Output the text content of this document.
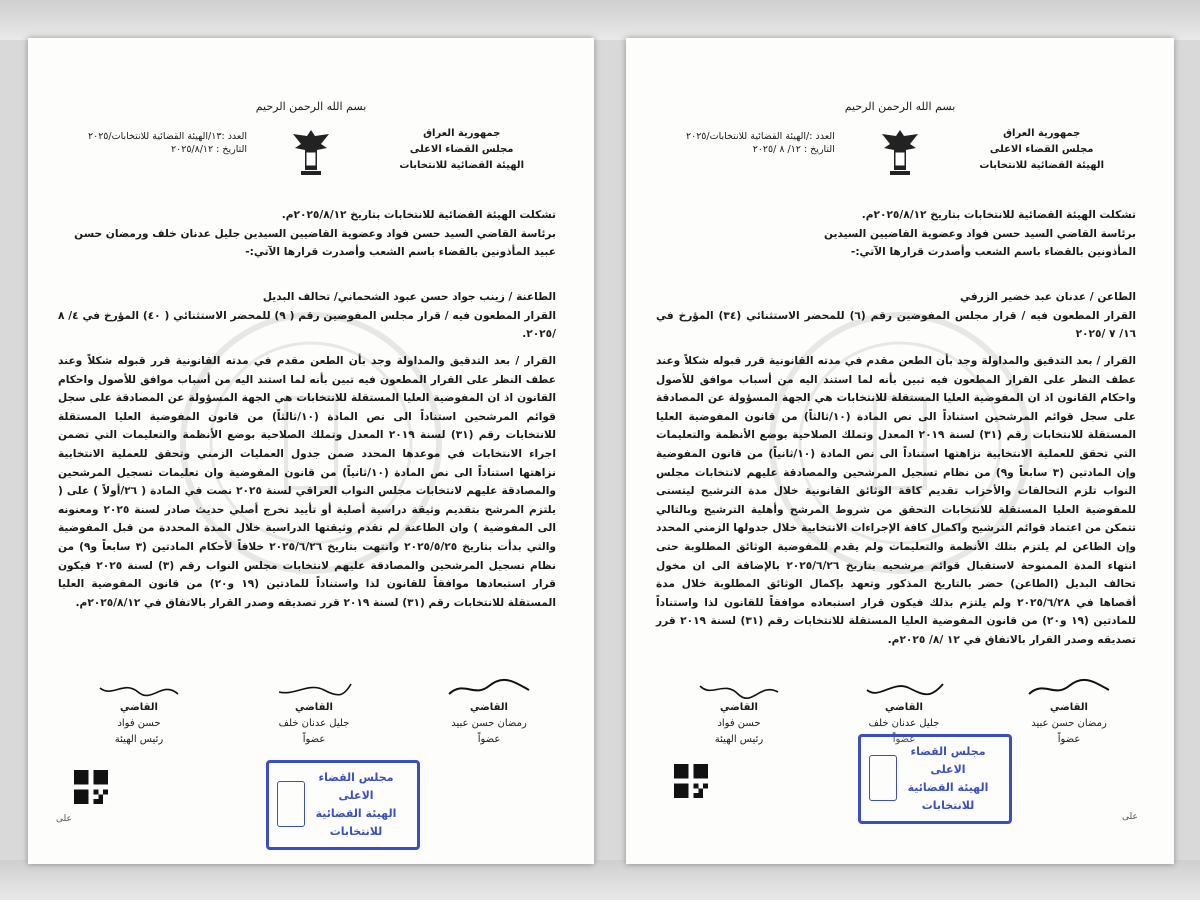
بسم الله الرحمن الرحيم
جمهورية العراق
مجلس القضاء الاعلى
الهيئة القضائية للانتخابات
العدد :١٣/الهيئة القضائية للانتخابات/٢٠٢٥
التاريخ : ٢٠٢٥/٨/١٢

تشكلت الهيئة القضائية للانتخابات بتاريخ ٢٠٢٥/٨/١٢م.

برئاسة القاضي السيد حسن فواد وعضوية القاضيين السيدين جليل عدنان خلف ورمضان حسن

عبيد المأذونين بالقضاء باسم الشعب وأصدرت قرارها الآتي:-

الطاعنة / زينب جواد حسن عبود الشحماني/ تحالف البديل

القرار المطعون فيه / قرار مجلس المفوضين رقم ( ٩) للمحضر الاستثنائي ( ٤٠) المؤرخ في ٤/ ٨ /٢٠٢٥.

القرار / بعد التدقيق والمداولة وجد بأن الطعن مقدم في مدته القانونية قرر قبوله شكلاً وعند عطف النظر على القرار المطعون فيه تبين بأنه لما استند اليه من أسباب موافق للأصول واحكام القانون اذ ان المفوضية العليا المستقلة للانتخابات هي الجهة المسؤولة عن المصادقة على سجل قوائم المرشحين استناداً الى نص المادة (١٠/ثالثاً) من قانون المفوضية العليا المستقلة للانتخابات رقم (٣١) لسنة ٢٠١٩ المعدل وتملك الصلاحية بوضع الأنظمة والتعليمات التي تضمن اجراء الانتخابات في موعدها المحدد ضمن جدول العمليات الزمني وتحقق للعملية الانتخابية نزاهتها استناداً الى نص المادة (١٠/ثانياً) من قانون المفوضية وان تعليمات تسجيل المرشحين والمصادقة عليهم لانتخابات مجلس النواب العراقي لسنة ٢٠٢٥ نصت في المادة ( ٢٦/أولاً ) على ( يلتزم المرشح بتقديم وثيقة دراسية أصلية أو تأييد تخرج أصلي حديث صادر لسنة ٢٠٢٥ ومعنونه الى المفوضية ) وان الطاعنة لم تقدم وثيقتها الدراسية خلال المدة المحددة من قبل المفوضية والتي بدأت بتاريخ ٢٠٢٥/٥/٢٥ وانتهت بتاريخ ٢٠٢٥/٦/٢٦ خلافاً لأحكام المادتين (٣ سابعاً و٩) من نظام تسجيل المرشحين والمصادقة عليهم لانتخابات مجلس النواب رقم (٣) لسنة ٢٠٢٥ فيكون قرار استبعادها موافقاً للقانون لذا واستناداً للمادتين (١٩ و٢٠) من قانون المفوضية العليا المستقلة للانتخابات رقم (٣١) لسنة ٢٠١٩ قرر تصديقه وصدر القرار بالاتفاق في ٢٠٢٥/٨/١٢م.

القاضي
رمضان حسن عبيد
عضواً
القاضي
جليل عدنان خلف
عضواً
القاضي
حسن فواد
رئيس الهيئة
مجلس القضاء الاعلى
الهيئة القضائية
للانتخابات
على
بسم الله الرحمن الرحيم
جمهورية العراق
مجلس القضاء الاعلى
الهيئة القضائية للانتخابات
العدد :/الهيئة القضائية للانتخابات/٢٠٢٥
التاريخ : ١٢/ ٨ /٢٠٢٥

تشكلت الهيئة القضائية للانتخابات بتاريخ ٢٠٢٥/٨/١٢م.

برئاسة القاضي السيد حسن فواد وعضوية القاضيين السيدين

المأذونين بالقضاء باسم الشعب وأصدرت قرارها الآتي:-

الطاعن / عدنان عبد خضير الزرفي

القرار المطعون فيه / قرار مجلس المفوضين رقم (٦) للمحضر الاستثنائي (٣٤) المؤرخ في ١٦/ ٧ /٢٠٢٥

القرار / بعد التدقيق والمداولة وجد بأن الطعن مقدم في مدته القانونية قرر قبوله شكلاً وعند عطف النظر على القرار المطعون فيه تبين بأنه لما استند اليه من أسباب موافق للأصول واحكام القانون اذ ان المفوضية العليا المستقلة للانتخابات هي الجهة المسؤولة عن المصادقة على سجل قوائم المرشحين استناداً الى نص المادة (١٠/ثالثاً) من قانون المفوضية العليا المستقلة للانتخابات رقم (٣١) لسنة ٢٠١٩ المعدل وتملك الصلاحية بوضع الأنظمة والتعليمات التي تحقق للعملية الانتخابية نزاهتها استناداً الى نص المادة (١٠/ثانياً) من قانون المفوضية وإن المادتين (٣ سابعاً و٩) من نظام تسجيل المرشحين والمصادقة عليهم لانتخابات مجلس النواب تلزم التحالفات والأحزاب تقديم كافة الوثائق القانونية خلال مدة الترشيح ليتسنى للمفوضية العليا المستقلة للانتخابات التحقق من شروط المرشح وأهلية الترشيح وبالتالي تتمكن من اعتماد قوائم الترشيح واكمال كافة الإجراءات الانتخابية خلال جدولها الزمني المحدد وإن الطاعن لم يلتزم بتلك الأنظمة والتعليمات ولم يقدم للمفوضية الوثائق المطلوبة حتى انتهاء المدة الممنوحة لاستقبال قوائم مرشحيه بتاريخ ٢٠٢٥/٦/٢٦ بالإضافة الى ان مخول تحالف البديل (الطاعن) حضر بالتاريخ المذكور وتعهد بإكمال الوثائق المطلوبة خلال مدة أقصاها في ٢٠٢٥/٦/٢٨ ولم يلتزم بذلك فيكون قرار استبعاده موافقاً للقانون لذا واستناداً للمادتين (١٩ و٢٠) من قانون المفوضية العليا المستقلة للانتخابات رقم (٣١) لسنة ٢٠١٩ قرر تصديقه وصدر القرار بالاتفاق في ١٢ /٨/ ٢٠٢٥م.

القاضي
رمضان حسن عبيد
عضواً
القاضي
جليل عدنان خلف
عضواً
القاضي
حسن فواد
رئيس الهيئة
مجلس القضاء الاعلى
الهيئة القضائية
للانتخابات
على
